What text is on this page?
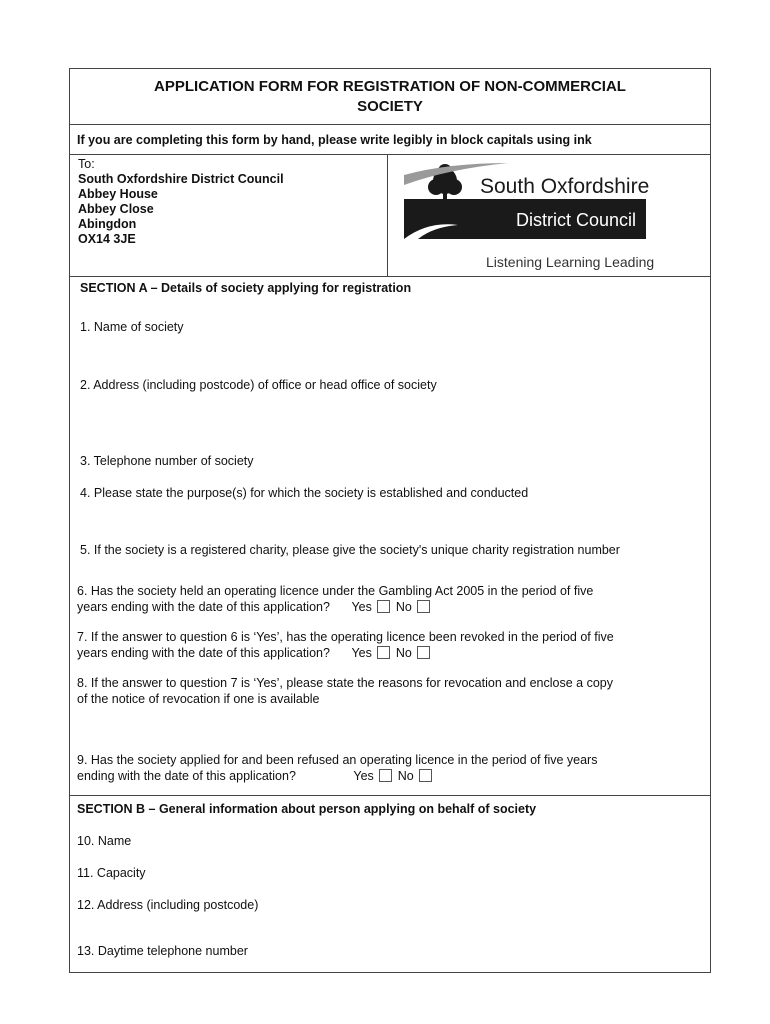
APPLICATION FORM FOR REGISTRATION OF NON-COMMERCIAL
SOCIETY
If you are completing this form by hand, please write legibly in block capitals using ink
To:
South Oxfordshire District Council
Abbey House
Abbey Close
Abingdon
OX14 3JE
South Oxfordshire
District Council
Listening Learning Leading
SECTION A – Details of society applying for registration
1. Name of society
2. Address (including postcode) of office or head office of society
3. Telephone number of society
4. Please state the purpose(s) for which the society is established and conducted
5. If the society is a registered charity, please give the society's unique charity registration number
6. Has the society held an operating licence under the Gambling Act 2005 in the period of five
years ending with the date of this application? Yes No
7. If the answer to question 6 is ‘Yes’, has the operating licence been revoked in the period of five
years ending with the date of this application? Yes No
8. If the answer to question 7 is ‘Yes’, please state the reasons for revocation and enclose a copy
of the notice of revocation if one is available
9. Has the society applied for and been refused an operating licence in the period of five years
ending with the date of this application?	Yes No
SECTION B – General information about person applying on behalf of society
10. Name
11. Capacity
12. Address (including postcode)
13. Daytime telephone number
